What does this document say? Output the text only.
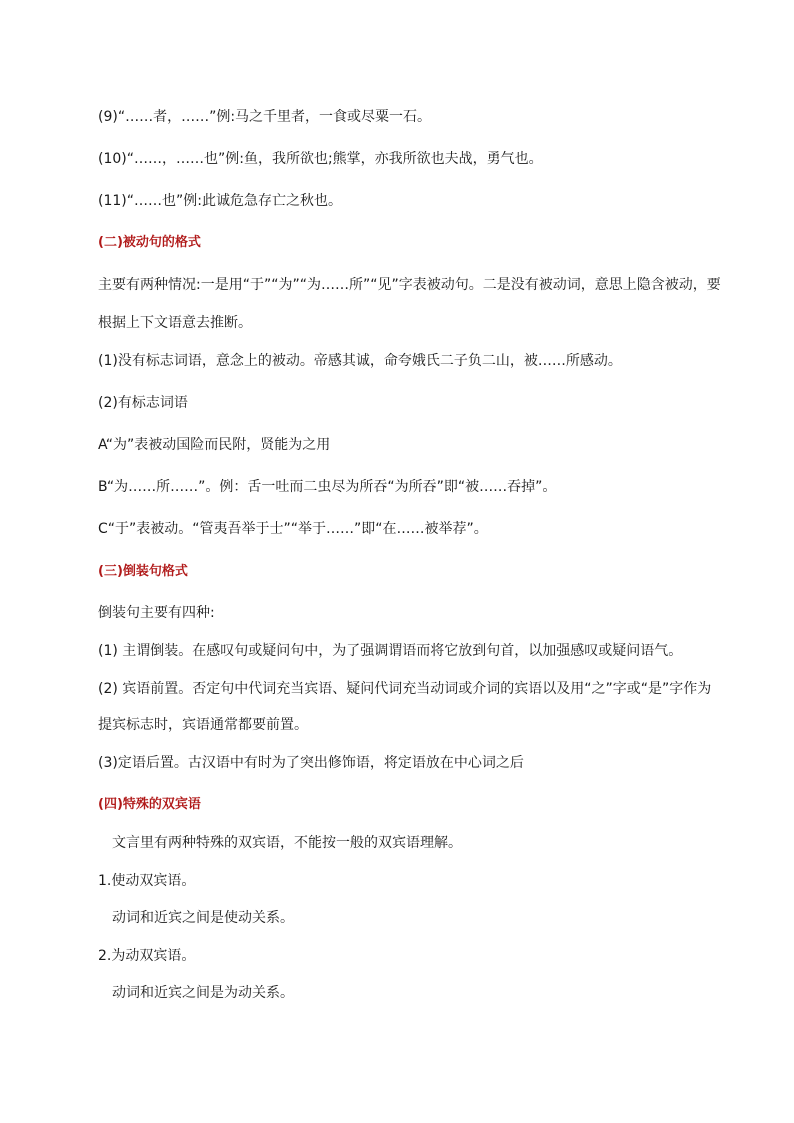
(9)“……者，……”例:马之千里者，一食或尽粟一石。
(10)“……，……也”例:鱼，我所欲也;熊掌，亦我所欲也夫战，勇气也。
(11)“……也”例:此诚危急存亡之秋也。
(二)被动句的格式
主要有两种情况:一是用“于”“为”“为……所”“见”字表被动句。二是没有被动词，意思上隐含被动，要
根据上下文语意去推断。
(1)没有标志词语，意念上的被动。帝感其诚，命夸娥氏二子负二山，被……所感动。
(2)有标志词语
A“为”表被动国险而民附，贤能为之用
B“为……所……”。例：舌一吐而二虫尽为所吞“为所吞”即“被……吞掉”。
C“于”表被动。“管夷吾举于士”“举于……”即“在……被举荐”。
(三)倒装句格式
倒装句主要有四种:
(1) 主谓倒装。在感叹句或疑问句中，为了强调谓语而将它放到句首，以加强感叹或疑问语气。
(2) 宾语前置。否定句中代词充当宾语、疑问代词充当动词或介词的宾语以及用“之”字或“是”字作为
提宾标志时，宾语通常都要前置。
(3)定语后置。古汉语中有时为了突出修饰语，将定语放在中心词之后
(四)特殊的双宾语
文言里有两种特殊的双宾语，不能按一般的双宾语理解。
1.使动双宾语。
动词和近宾之间是使动关系。
2.为动双宾语。
动词和近宾之间是为动关系。
